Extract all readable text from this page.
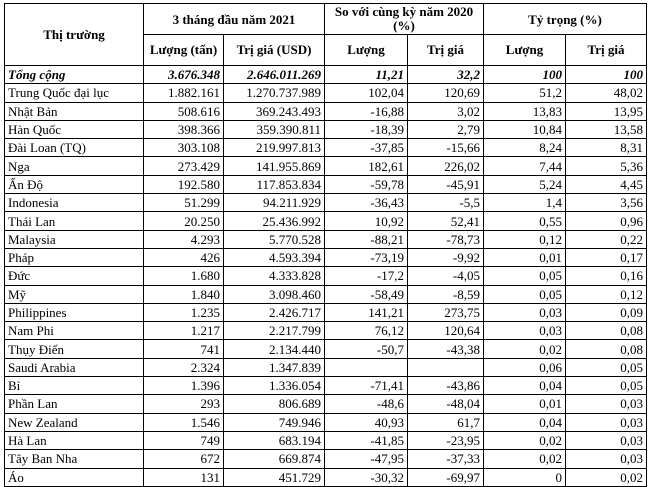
Thị trường	3 tháng đầu năm 2021		So với cùng kỳ năm 2020 (%)		Tỷ trọng (%)	
	Lượng (tấn)	Trị giá (USD)	Lượng	Trị giá	Lượng	Trị giá
Tổng cộng	3.676.348	2.646.011.269	11,21	32,2	100	100
Trung Quốc đại lục	1.882.161	1.270.737.989	102,04	120,69	51,2	48,02
Nhật Bản	508.616	369.243.493	-16,88	3,02	13,83	13,95
Hàn Quốc	398.366	359.390.811	-18,39	2,79	10,84	13,58
Đài Loan (TQ)	303.108	219.997.813	-37,85	-15,66	8,24	8,31
Nga	273.429	141.955.869	182,61	226,02	7,44	5,36
Ấn Độ	192.580	117.853.834	-59,78	-45,91	5,24	4,45
Indonesia	51.299	94.211.929	-36,43	-5,5	1,4	3,56
Thái Lan	20.250	25.436.992	10,92	52,41	0,55	0,96
Malaysia	4.293	5.770.528	-88,21	-78,73	0,12	0,22
Pháp	426	4.593.394	-73,19	-9,92	0,01	0,17
Đức	1.680	4.333.828	-17,2	-4,05	0,05	0,16
Mỹ	1.840	3.098.460	-58,49	-8,59	0,05	0,12
Philippines	1.235	2.426.717	141,21	273,75	0,03	0,09
Nam Phi	1.217	2.217.799	76,12	120,64	0,03	0,08
Thụy Điển	741	2.134.440	-50,7	-43,38	0,02	0,08
Saudi Arabia	2.324	1.347.839			0,06	0,05
Bỉ	1.396	1.336.054	-71,41	-43,86	0,04	0,05
Phần Lan	293	806.689	-48,6	-48,04	0,01	0,03
New Zealand	1.546	749.946	40,93	61,7	0,04	0,03
Hà Lan	749	683.194	-41,85	-23,95	0,02	0,03
Tây Ban Nha	672	669.874	-47,95	-37,33	0,02	0,03
Áo	131	451.729	-30,32	-69,97	0	0,02
